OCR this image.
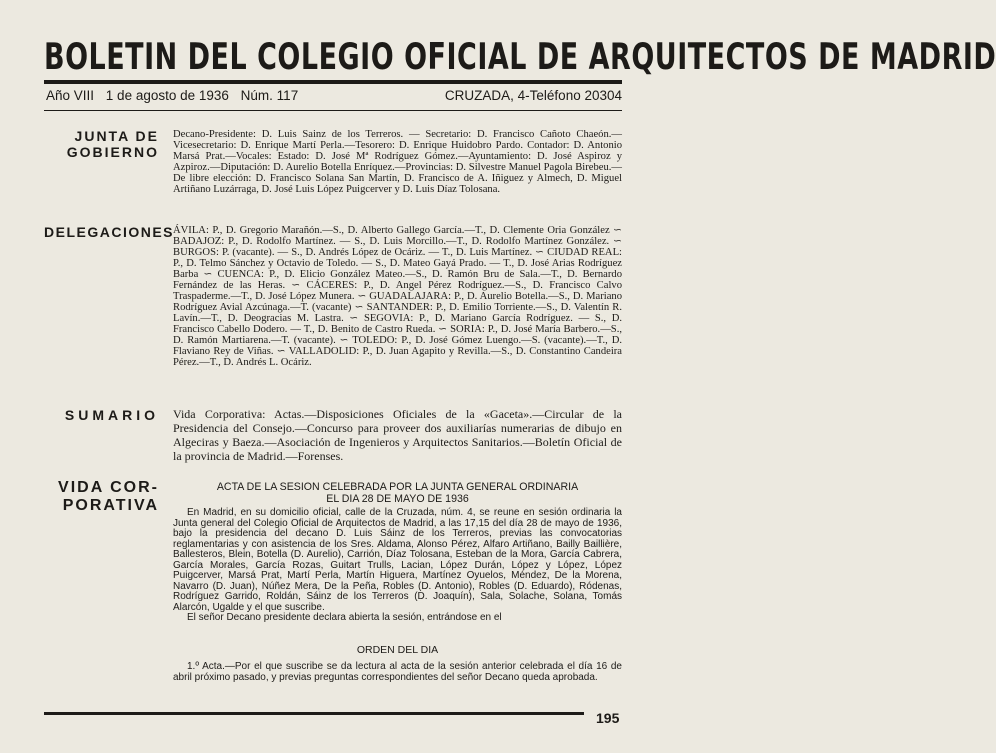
BOLETIN DEL COLEGIO OFICIAL DE ARQUITECTOS DE MADRID
Año VIII 1 de agosto de 1936 Núm. 117	CRUZADA, 4-Teléfono 20304
JUNTA DE
GOBIERNO

Decano-Presidente: D. Luis Sainz de los Terreros. — Secretario: D. Francisco Cañoto Chaeón.—Vicesecretario: D. Enrique Martí Perla.—Tesorero: D. Enrique Huidobro Pardo. Contador: D. Antonio Marsá Prat.—Vocales: Estado: D. José Mª Rodríguez Gómez.—Ayuntamiento: D. José Aspiroz y Azpiroz.—Diputación: D. Aurelio Botella Enríquez.—Provincias: D. Silvestre Manuel Pagola Birebeu.—De libre elección: D. Francisco Solana San Martín, D. Francisco de A. Iñiguez y Almech, D. Miguel Artiñano Luzárraga, D. José Luis López Puigcerver y D. Luis Díaz Tolosana.

DELEGACIONES

ÁVILA: P., D. Gregorio Marañón.—S., D. Alberto Gallego García.—T., D. Clemente Oria González ∽ BADAJOZ: P., D. Rodolfo Martínez. — S., D. Luis Morcillo.—T., D. Rodolfo Martínez González. ∽ BURGOS: P. (vacante). — S., D. Andrés López de Ocáriz. — T., D. Luis Martínez. ∽ CIUDAD REAL: P., D. Telmo Sánchez y Octavio de Toledo. — S., D. Mateo Gayá Prado. — T., D. José Arias Rodríguez Barba ∽ CUENCA: P., D. Elicio González Mateo.—S., D. Ramón Bru de Sala.—T., D. Bernardo Fernández de las Heras. ∽ CÁCERES: P., D. Angel Pérez Rodríguez.—S., D. Francisco Calvo Traspaderme.—T., D. José López Munera. ∽ GUADALAJARA: P., D. Aurelio Botella.—S., D. Mariano Rodríguez Avial Azcúnaga.—T. (vacante) ∽ SANTANDER: P., D. Emilio Torriente.—S., D. Valentín R. Lavín.—T., D. Deogracias M. Lastra. ∽ SEGOVIA: P., D. Mariano García Rodríguez. — S., D. Francisco Cabello Dodero. — T., D. Benito de Castro Rueda. ∽ SORIA: P., D. José María Barbero.—S., D. Ramón Martiarena.—T. (vacante). ∽ TOLEDO: P., D. José Gómez Luengo.—S. (vacante).—T., D. Flaviano Rey de Viñas. ∽ VALLADOLID: P., D. Juan Agapito y Revilla.—S., D. Constantino Candeira Pérez.—T., D. Andrés L. Ocáriz.

SUMARIO Vida Corporativa: Actas.—Disposiciones Oficiales de la «Gaceta».—Circular de la Presidencia del Consejo.—Concurso para proveer dos auxiliarías numerarias de dibujo en Algeciras y Baeza.—Asociación de Ingenieros y Arquitectos Sanitarios.—Boletín Oficial de la provincia de Madrid.—Forenses.

VIDA COR-
PORATIVA
ACTA DE LA SESION CELEBRADA POR LA JUNTA GENERAL ORDINARIA
EL DIA 28 DE MAYO DE 1936

En Madrid, en su domicilio oficial, calle de la Cruzada, núm. 4, se reune en sesión ordinaria la Junta general del Colegio Oficial de Arquitectos de Madrid, a las 17,15 del día 28 de mayo de 1936, bajo la presidencia del decano D. Luis Sáinz de los Terreros, previas las convocatorias reglamentarias y con asistencia de los Sres. Aldama, Alonso Pérez, Alfaro Artiñano, Bailly Baillière, Ballesteros, Blein, Botella (D. Aurelio), Carrión, Díaz Tolosana, Esteban de la Mora, García Cabrera, García Morales, García Rozas, Guitart Trulls, Lacian, López Durán, López y López, López Puigcerver, Marsá Prat, Martí Perla, Martín Higuera, Martínez Oyuelos, Méndez, De la Morena, Navarro (D. Juan), Núñez Mera, De la Peña, Robles (D. Antonio), Robles (D. Eduardo), Ródenas, Rodríguez Garrido, Roldán, Sáinz de los Terreros (D. Joaquín), Sala, Solache, Solana, Tomás Alarcón, Ugalde y el que suscribe.

El señor Decano presidente declara abierta la sesión, entrándose en el

ORDEN DEL DIA

1.º Acta.—Por el que suscribe se da lectura al acta de la sesión anterior celebrada el día 16 de abril próximo pasado, y previas preguntas correspondientes del señor Decano queda aprobada.

195
